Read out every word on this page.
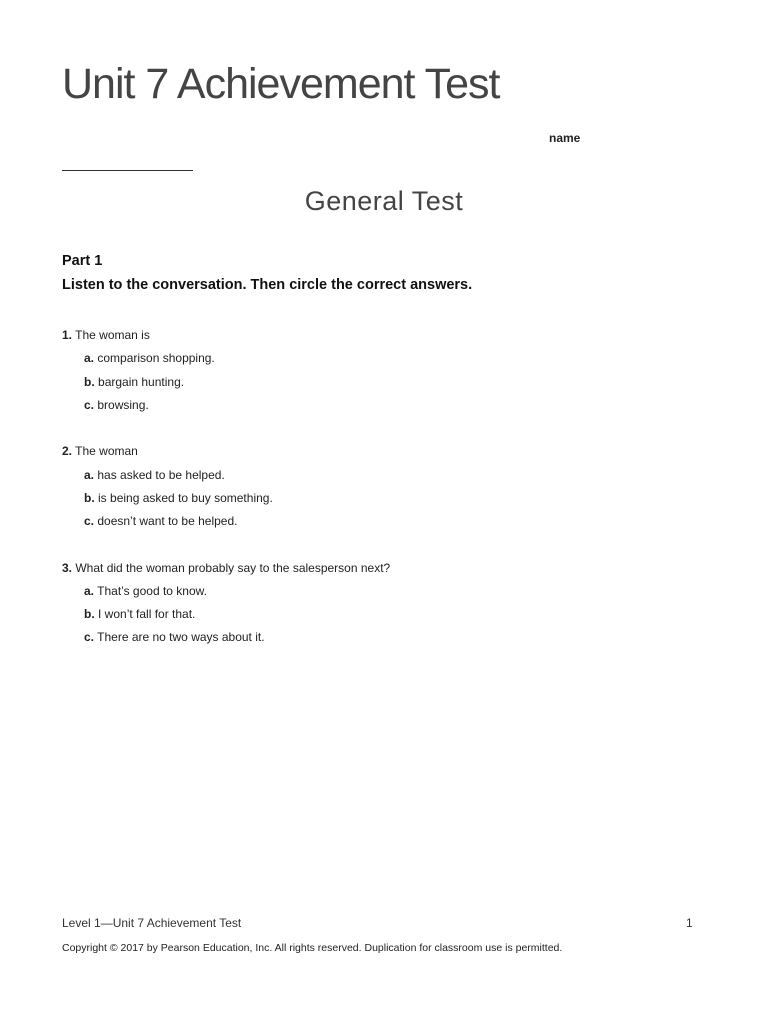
Unit 7 Achievement Test
name
General Test
Part 1
Listen to the conversation. Then circle the correct answers.
1. The woman is
a. comparison shopping.
b. bargain hunting.
c. browsing.
2. The woman
a. has asked to be helped.
b. is being asked to buy something.
c. doesn’t want to be helped.
3. What did the woman probably say to the salesperson next?
a. That’s good to know.
b. I won’t fall for that.
c. There are no two ways about it.
Level 1—Unit 7 Achievement Test	1
Copyright © 2017 by Pearson Education, Inc. All rights reserved. Duplication for classroom use is permitted.
